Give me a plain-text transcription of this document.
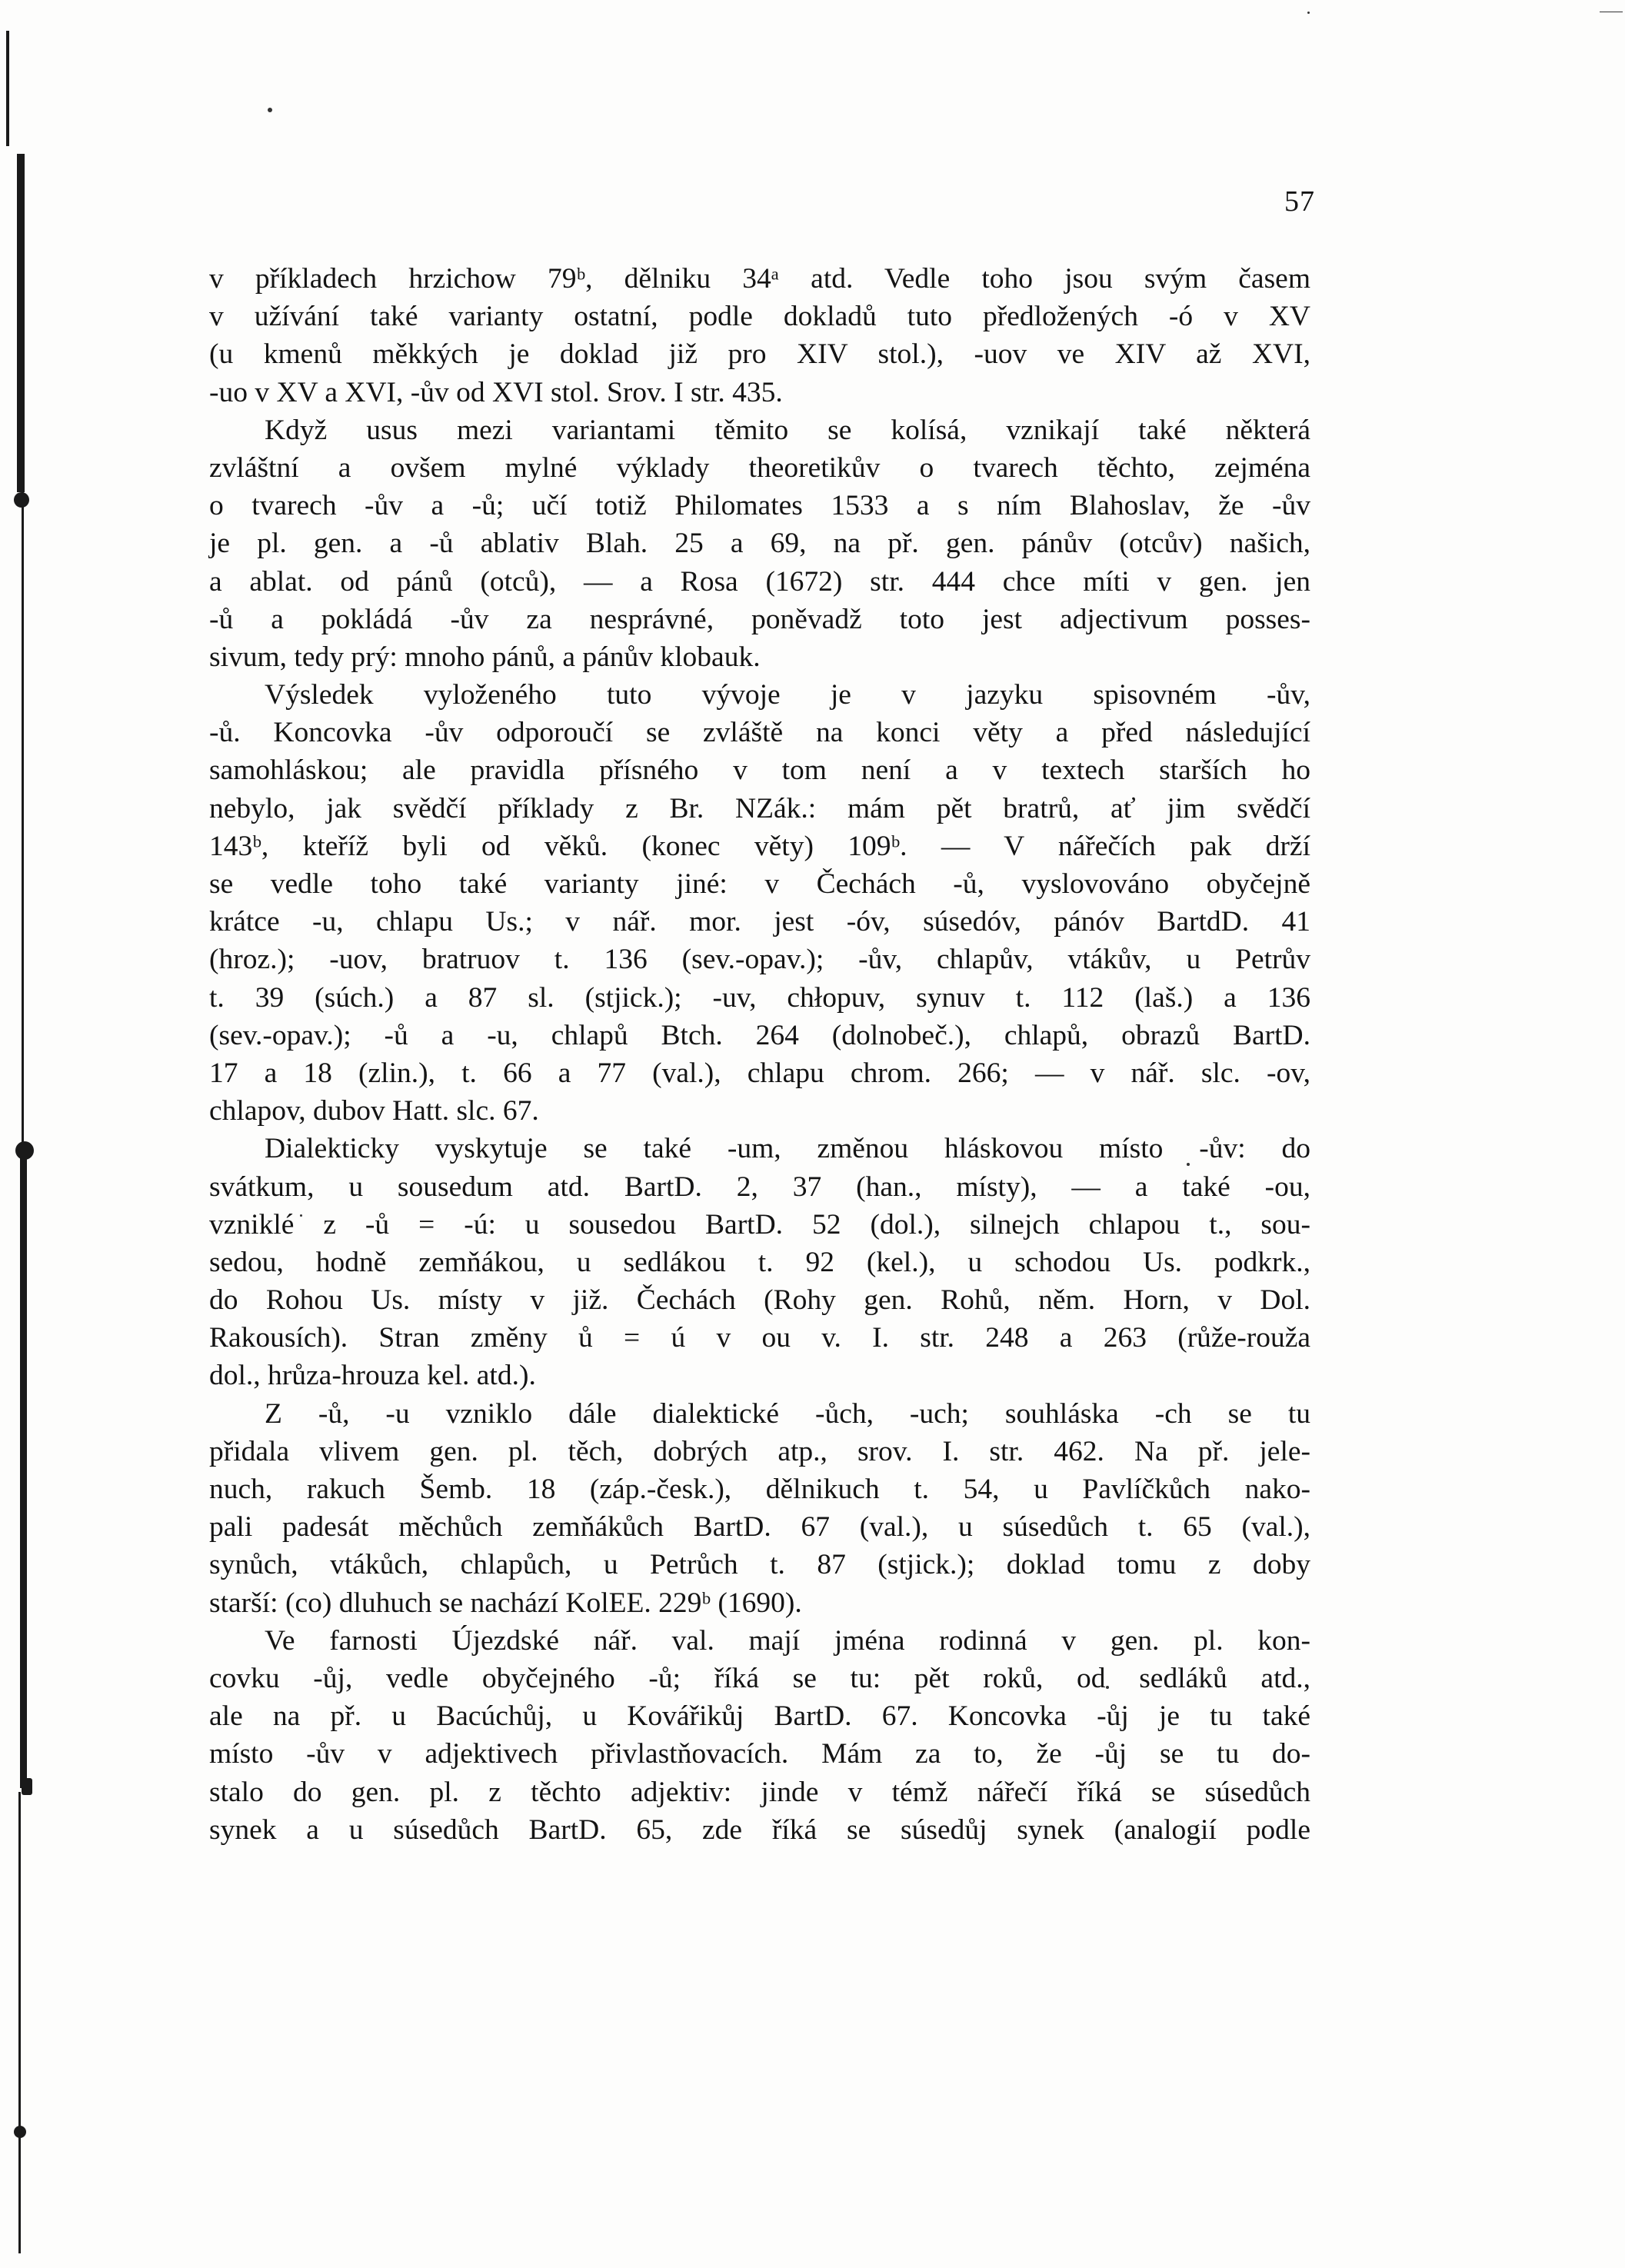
57
v příkladech hrzichow 79ᵇ, dělniku 34ᵃ atd. Vedle toho jsou svým časem
v užívání také varianty ostatní, podle dokladů tuto předložených -ó v XV
(u kmenů měkkých je doklad již pro XIV stol.), -uov ve XIV až XVI,
-uo v XV a XVI, -ův od XVI stol. Srov. I str. 435.
Když usus mezi variantami těmito se kolísá, vznikají také některá
zvláštní a ovšem mylné výklady theoretikův o tvarech těchto, zejména
o tvarech -ův a -ů; učí totiž Philomates 1533 a s ním Blahoslav, že -ův
je pl. gen. a -ů ablativ Blah. 25 a 69, na př. gen. pánův (otcův) našich,
a ablat. od pánů (otců), — a Rosa (1672) str. 444 chce míti v gen. jen
-ů a pokládá -ův za nesprávné, poněvadž toto jest adjectivum posses-
sivum, tedy prý: mnoho pánů, a pánův klobauk.
Výsledek vyloženého tuto vývoje je v jazyku spisovném -ův,
-ů. Koncovka -ův odporoučí se zvláště na konci věty a před následující
samohláskou; ale pravidla přísného v tom není a v textech starších ho
nebylo, jak svědčí příklady z Br. NZák.: mám pět bratrů, ať jim svědčí
143ᵇ, kteříž byli od věků. (konec věty) 109ᵇ. — V nářečích pak drží
se vedle toho také varianty jiné: v Čechách -ů, vyslovováno obyčejně
krátce -u, chlapu Us.; v nář. mor. jest -óv, súsedóv, pánóv BartdD. 41
(hroz.); -uov, bratruov t. 136 (sev.-opav.); -ův, chlapův, vtákův, u Petrův
t. 39 (súch.) a 87 sl. (stjick.); -uv, chłopuv, synuv t. 112 (laš.) a 136
(sev.-opav.); -ů a -u, chlapů Btch. 264 (dolnobeč.), chlapů, obrazů BartD.
17 a 18 (zlin.), t. 66 a 77 (val.), chlapu chrom. 266; — v nář. slc. -ov,
chlapov, dubov Hatt. slc. 67.
Dialekticky vyskytuje se také -um, změnou hláskovou místo -ův: do
svátkum, u sousedum atd. BartD. 2, 37 (han., místy), — a také -ou,
vzniklé z -ů = -ú: u sousedou BartD. 52 (dol.), silnejch chlapou t., sou-
sedou, hodně zemňákou, u sedlákou t. 92 (kel.), u schodou Us. podkrk.,
do Rohou Us. místy v již. Čechách (Rohy gen. Rohů, něm. Horn, v Dol.
Rakousích). Stran změny ů = ú v ou v. I. str. 248 a 263 (růže-rouža
dol., hrůza-hrouza kel. atd.).
Z -ů, -u vzniklo dále dialektické -ůch, -uch; souhláska -ch se tu
přidala vlivem gen. pl. těch, dobrých atp., srov. I. str. 462. Na př. jele-
nuch, rakuch Šemb. 18 (záp.-česk.), dělnikuch t. 54, u Pavlíčkůch nako-
pali padesát měchůch zemňákůch BartD. 67 (val.), u súsedůch t. 65 (val.),
synůch, vtákůch, chlapůch, u Petrůch t. 87 (stjick.); doklad tomu z doby
starší: (co) dluhuch se nachází KolEE. 229ᵇ (1690).
Ve farnosti Újezdské nář. val. mají jména rodinná v gen. pl. kon-
covku -ůj, vedle obyčejného -ů; říká se tu: pět roků, od sedláků atd.,
ale na př. u Bacúchůj, u Kovářikůj BartD. 67. Koncovka -ůj je tu také
místo -ův v adjektivech přivlastňovacích. Mám za to, že -ůj se tu do-
stalo do gen. pl. z těchto adjektiv: jinde v témž nářečí říká se súsedůch
synek a u súsedůch BartD. 65, zde říká se súsedůj synek (analogií podle
